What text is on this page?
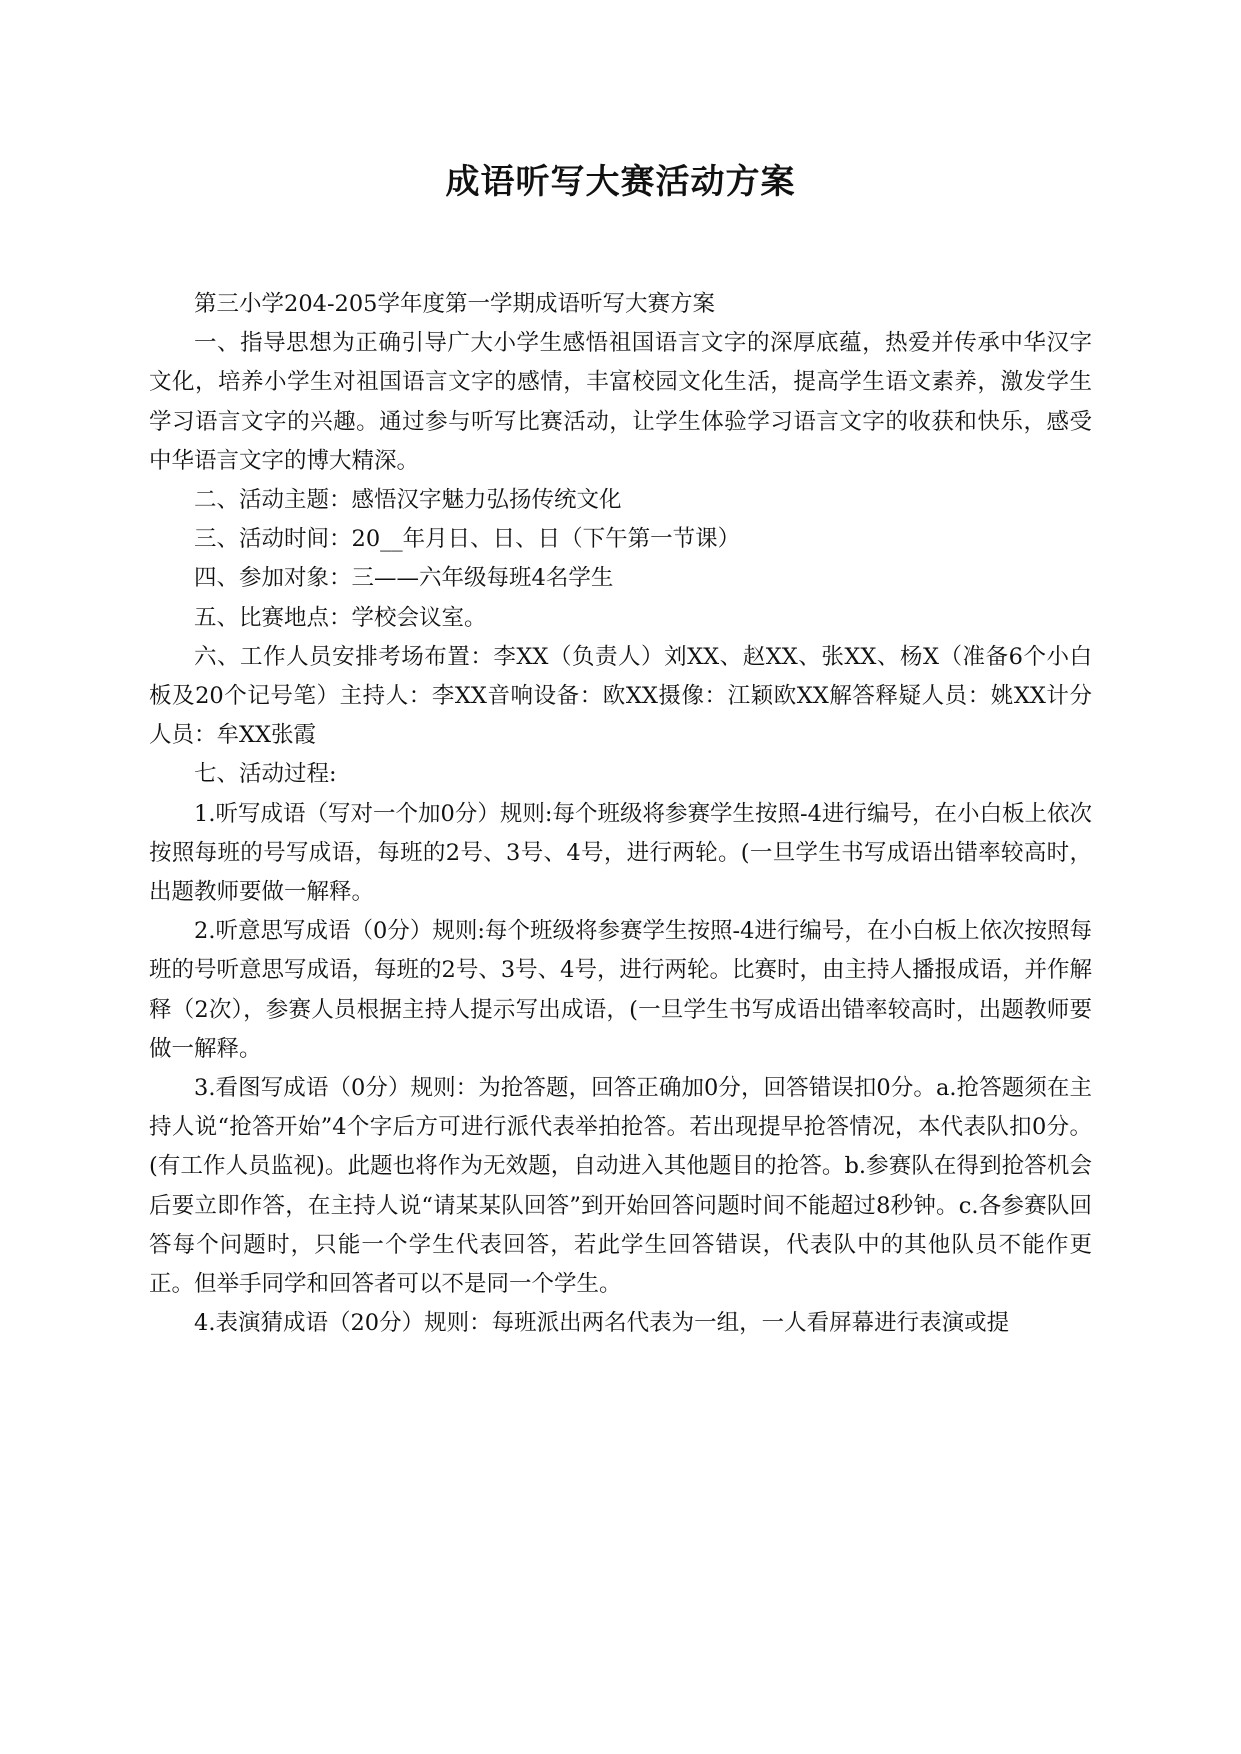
成语听写大赛活动方案

第三小学204-205学年度第一学期成语听写大赛方案

一、指导思想为正确引导广大小学生感悟祖国语言文字的深厚底蕴，热爱并传承中华汉字文化，培养小学生对祖国语言文字的感情，丰富校园文化生活，提高学生语文素养，激发学生学习语言文字的兴趣。通过参与听写比赛活动，让学生体验学习语言文字的收获和快乐，感受中华语言文字的博大精深。

二、活动主题：感悟汉字魅力弘扬传统文化

三、活动时间：20__年月日、日、日（下午第一节课）

四、参加对象：三——六年级每班4名学生

五、比赛地点：学校会议室。

六、工作人员安排考场布置：李XX（负责人）刘XX、赵XX、张XX、杨X（准备6个小白板及20个记号笔）主持人：李XX音响设备：欧XX摄像：江颖欧XX解答释疑人员：姚XX计分人员：牟XX张霞

七、活动过程:

1.听写成语（写对一个加0分）规则:每个班级将参赛学生按照-4进行编号，在小白板上依次按照每班的号写成语，每班的2号、3号、4号，进行两轮。(一旦学生书写成语出错率较高时，出题教师要做一解释。

2.听意思写成语（0分）规则:每个班级将参赛学生按照-4进行编号，在小白板上依次按照每班的号听意思写成语，每班的2号、3号、4号，进行两轮。比赛时，由主持人播报成语，并作解释（2次），参赛人员根据主持人提示写出成语，(一旦学生书写成语出错率较高时，出题教师要做一解释。

3.看图写成语（0分）规则：为抢答题，回答正确加0分，回答错误扣0分。a.抢答题须在主持人说“抢答开始”4个字后方可进行派代表举拍抢答。若出现提早抢答情况，本代表队扣0分。(有工作人员监视)。此题也将作为无效题，自动进入其他题目的抢答。b.参赛队在得到抢答机会后要立即作答，在主持人说“请某某队回答”到开始回答问题时间不能超过8秒钟。c.各参赛队回答每个问题时，只能一个学生代表回答，若此学生回答错误，代表队中的其他队员不能作更正。但举手同学和回答者可以不是同一个学生。

4.表演猜成语（20分）规则：每班派出两名代表为一组，一人看屏幕进行表演或提
